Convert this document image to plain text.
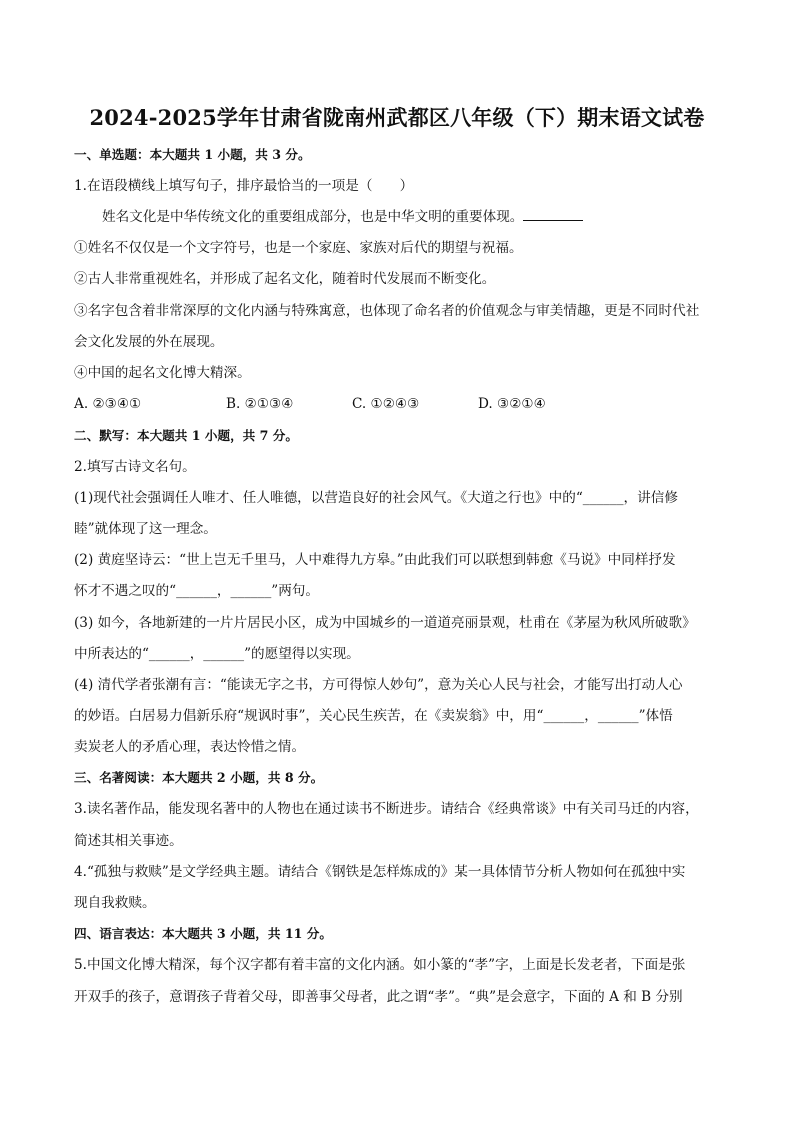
2024-2025学年甘肃省陇南州武都区八年级（下）期末语文试卷
一、单选题：本大题共 1 小题，共 3 分。
1.在语段横线上填写句子，排序最恰当的一项是（　　）
姓名文化是中华传统文化的重要组成部分，也是中华文明的重要体现。
①姓名不仅仅是一个文字符号，也是一个家庭、家族对后代的期望与祝福。
②古人非常重视姓名，并形成了起名文化，随着时代发展而不断变化。
③名字包含着非常深厚的文化内涵与特殊寓意，也体现了命名者的价值观念与审美情趣，更是不同时代社
会文化发展的外在展现。
④中国的起名文化博大精深。
A. ②③④①	B. ②①③④	C. ①②④③	D. ③②①④
二、默写：本大题共 1 小题，共 7 分。
2.填写古诗文名句。
(1)现代社会强调任人唯才、任人唯德，以营造良好的社会风气。《大道之行也》中的“______，讲信修
睦”就体现了这一理念。
(2) 黄庭坚诗云：“世上岂无千里马，人中难得九方皋。”由此我们可以联想到韩愈《马说》中同样抒发
怀才不遇之叹的“______，______”两句。
(3) 如今，各地新建的一片片居民小区，成为中国城乡的一道道亮丽景观，杜甫在《茅屋为秋风所破歌》
中所表达的“______，______”的愿望得以实现。
(4) 清代学者张潮有言：“能读无字之书，方可得惊人妙句”，意为关心人民与社会，才能写出打动人心
的妙语。白居易力倡新乐府“规讽时事”，关心民生疾苦，在《卖炭翁》中，用“______，______”体悟
卖炭老人的矛盾心理，表达怜惜之情。
三、名著阅读：本大题共 2 小题，共 8 分。
3.读名著作品，能发现名著中的人物也在通过读书不断进步。请结合《经典常谈》中有关司马迁的内容，
简述其相关事迹。
4.“孤独与救赎”是文学经典主题。请结合《钢铁是怎样炼成的》某一具体情节分析人物如何在孤独中实
现自我救赎。
四、语言表达：本大题共 3 小题，共 11 分。
5.中国文化博大精深，每个汉字都有着丰富的文化内涵。如小篆的“孝”字，上面是长发老者，下面是张
开双手的孩子，意谓孩子背着父母，即善事父母者，此之谓“孝”。“典”是会意字，下面的 A 和 B 分别
